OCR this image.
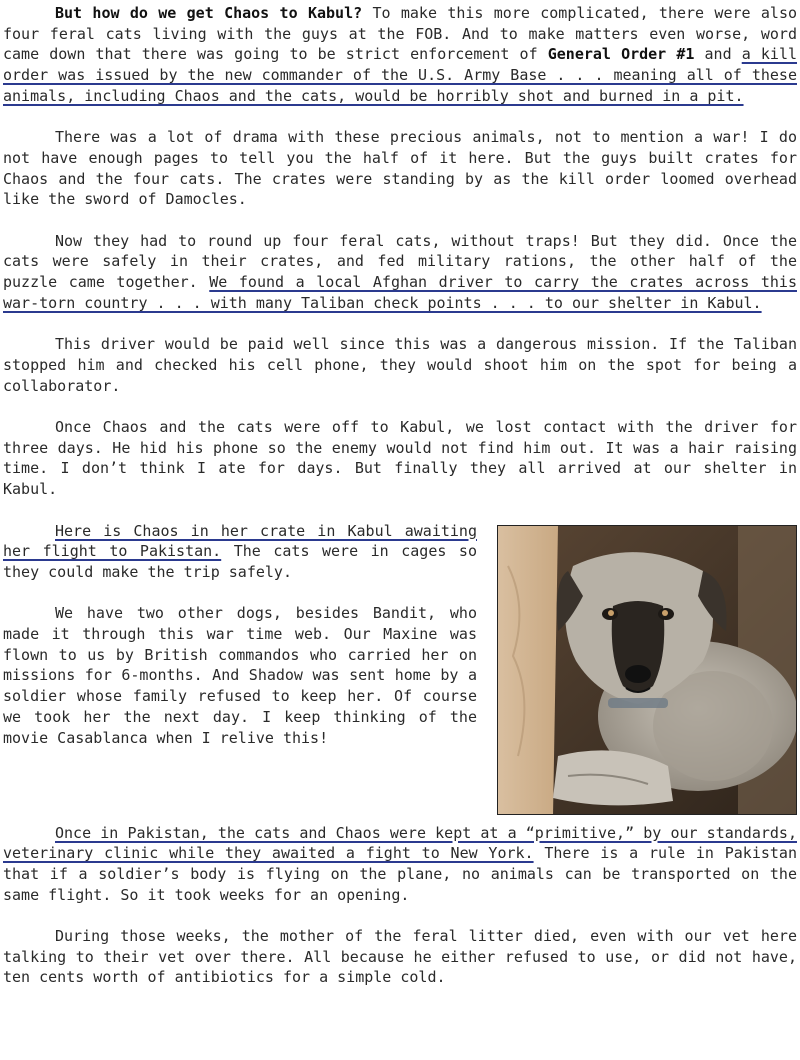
But how do we get Chaos to Kabul? To make this more complicated, there were also four feral cats living with the guys at the FOB. And to make matters even worse, word came down that there was going to be strict enforcement of General Order #1 and a kill order was issued by the new commander of the U.S. Army Base . . . meaning all of these animals, including Chaos and the cats, would be horribly shot and burned in a pit.

There was a lot of drama with these precious animals, not to mention a war! I do not have enough pages to tell you the half of it here. But the guys built crates for Chaos and the four cats. The crates were standing by as the kill order loomed overhead like the sword of Damocles.

Now they had to round up four feral cats, without traps! But they did. Once the cats were safely in their crates, and fed military rations, the other half of the puzzle came together. We found a local Afghan driver to carry the crates across this war-torn country . . . with many Taliban check points . . . to our shelter in Kabul.

This driver would be paid well since this was a dangerous mission. If the Taliban stopped him and checked his cell phone, they would shoot him on the spot for being a collaborator.

Once Chaos and the cats were off to Kabul, we lost contact with the driver for three days. He hid his phone so the enemy would not find him out. It was a hair raising time. I don’t think I ate for days. But finally they all arrived at our shelter in Kabul.

Here is Chaos in her crate in Kabul awaiting her flight to Pakistan. The cats were in cages so they could make the trip safely.

We have two other dogs, besides Bandit, who made it through this war time web. Our Maxine was flown to us by British commandos who carried her on missions for 6-months. And Shadow was sent home by a soldier whose family refused to keep her. Of course we took her the next day. I keep thinking of the movie Casablanca when I relive this!

Once in Pakistan, the cats and Chaos were kept at a “primitive,” by our standards, veterinary clinic while they awaited a fight to New York. There is a rule in Pakistan that if a soldier’s body is flying on the plane, no animals can be transported on the same flight. So it took weeks for an opening.

During those weeks, the mother of the feral litter died, even with our vet here talking to their vet over there. All because he either refused to use, or did not have, ten cents worth of antibiotics for a simple cold.
